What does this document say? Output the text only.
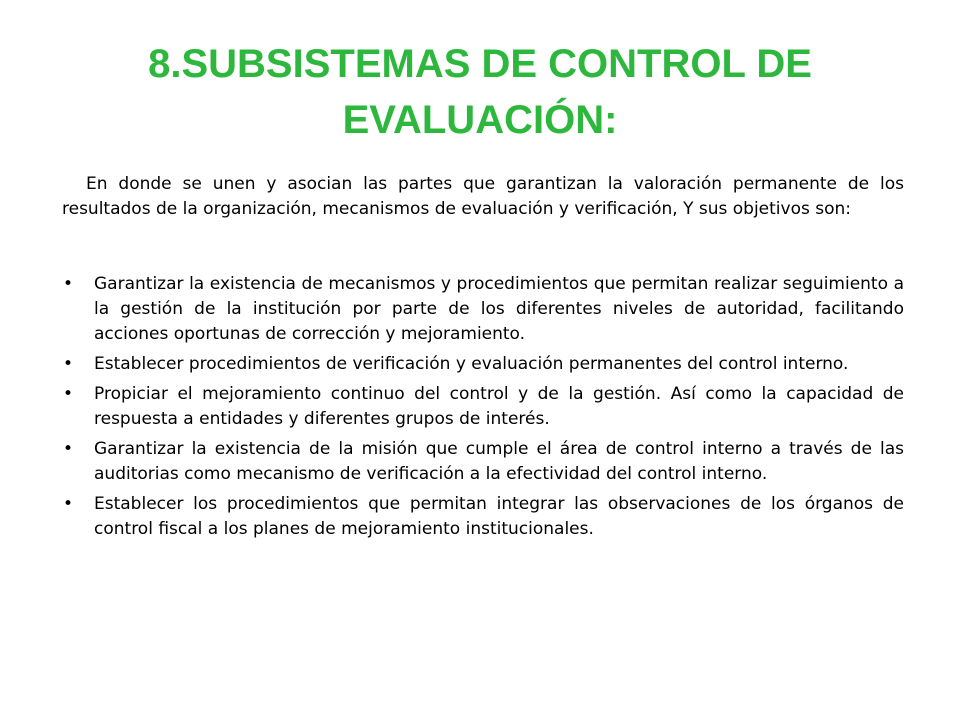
8.SUBSISTEMAS DE CONTROL DE EVALUACIÓN:
En donde se unen y asocian las partes que garantizan la valoración permanente de los resultados de la organización, mecanismos de evaluación y verificación, Y sus objetivos son:
• Garantizar la existencia de mecanismos y procedimientos que permitan realizar seguimiento a la gestión de la institución por parte de los diferentes niveles de autoridad, facilitando acciones oportunas de corrección y mejoramiento.
• Establecer procedimientos de verificación y evaluación permanentes del control interno.
• Propiciar el mejoramiento continuo del control y de la gestión. Así como la capacidad de respuesta a entidades y diferentes grupos de interés.
• Garantizar la existencia de la misión que cumple el área de control interno a través de las auditorias como mecanismo de verificación a la efectividad del control interno.
• Establecer los procedimientos que permitan integrar las observaciones de los órganos de control fiscal a los planes de mejoramiento institucionales.
